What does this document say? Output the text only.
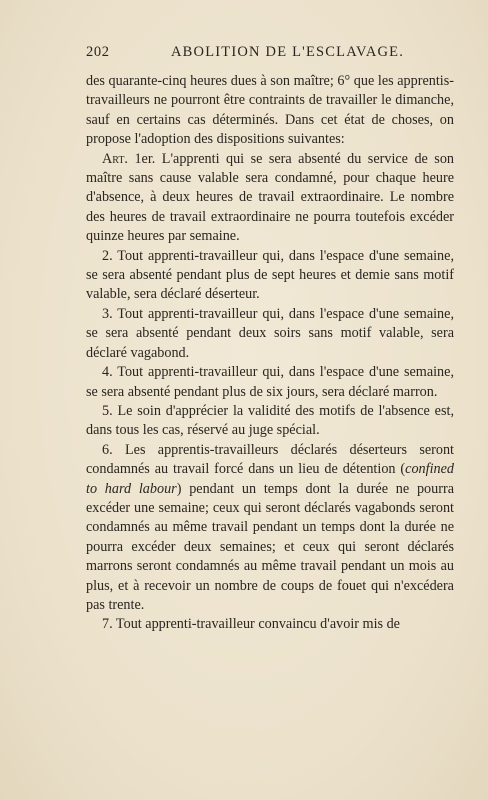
202	ABOLITION DE L'ESCLAVAGE.

des quarante-cinq heures dues à son maître; 6° que les apprentis-travailleurs ne pourront être contraints de travailler le dimanche, sauf en certains cas déterminés. Dans cet état de choses, on propose l'adoption des dispositions suivantes:

Art. 1er. L'apprenti qui se sera absenté du service de son maître sans cause valable sera condamné, pour chaque heure d'absence, à deux heures de travail extraordinaire. Le nombre des heures de travail extraordinaire ne pourra toutefois excéder quinze heures par semaine.

2. Tout apprenti-travailleur qui, dans l'espace d'une semaine, se sera absenté pendant plus de sept heures et demie sans motif valable, sera déclaré déserteur.

3. Tout apprenti-travailleur qui, dans l'espace d'une semaine, se sera absenté pendant deux soirs sans motif valable, sera déclaré vagabond.

4. Tout apprenti-travailleur qui, dans l'espace d'une semaine, se sera absenté pendant plus de six jours, sera déclaré marron.

5. Le soin d'apprécier la validité des motifs de l'absence est, dans tous les cas, réservé au juge spécial.

6. Les apprentis-travailleurs déclarés déserteurs seront condamnés au travail forcé dans un lieu de détention (confined to hard labour) pendant un temps dont la durée ne pourra excéder une semaine; ceux qui seront déclarés vagabonds seront condamnés au même travail pendant un temps dont la durée ne pourra excéder deux semaines; et ceux qui seront déclarés marrons seront condamnés au même travail pendant un mois au plus, et à recevoir un nombre de coups de fouet qui n'excédera pas trente.

7. Tout apprenti-travailleur convaincu d'avoir mis de
